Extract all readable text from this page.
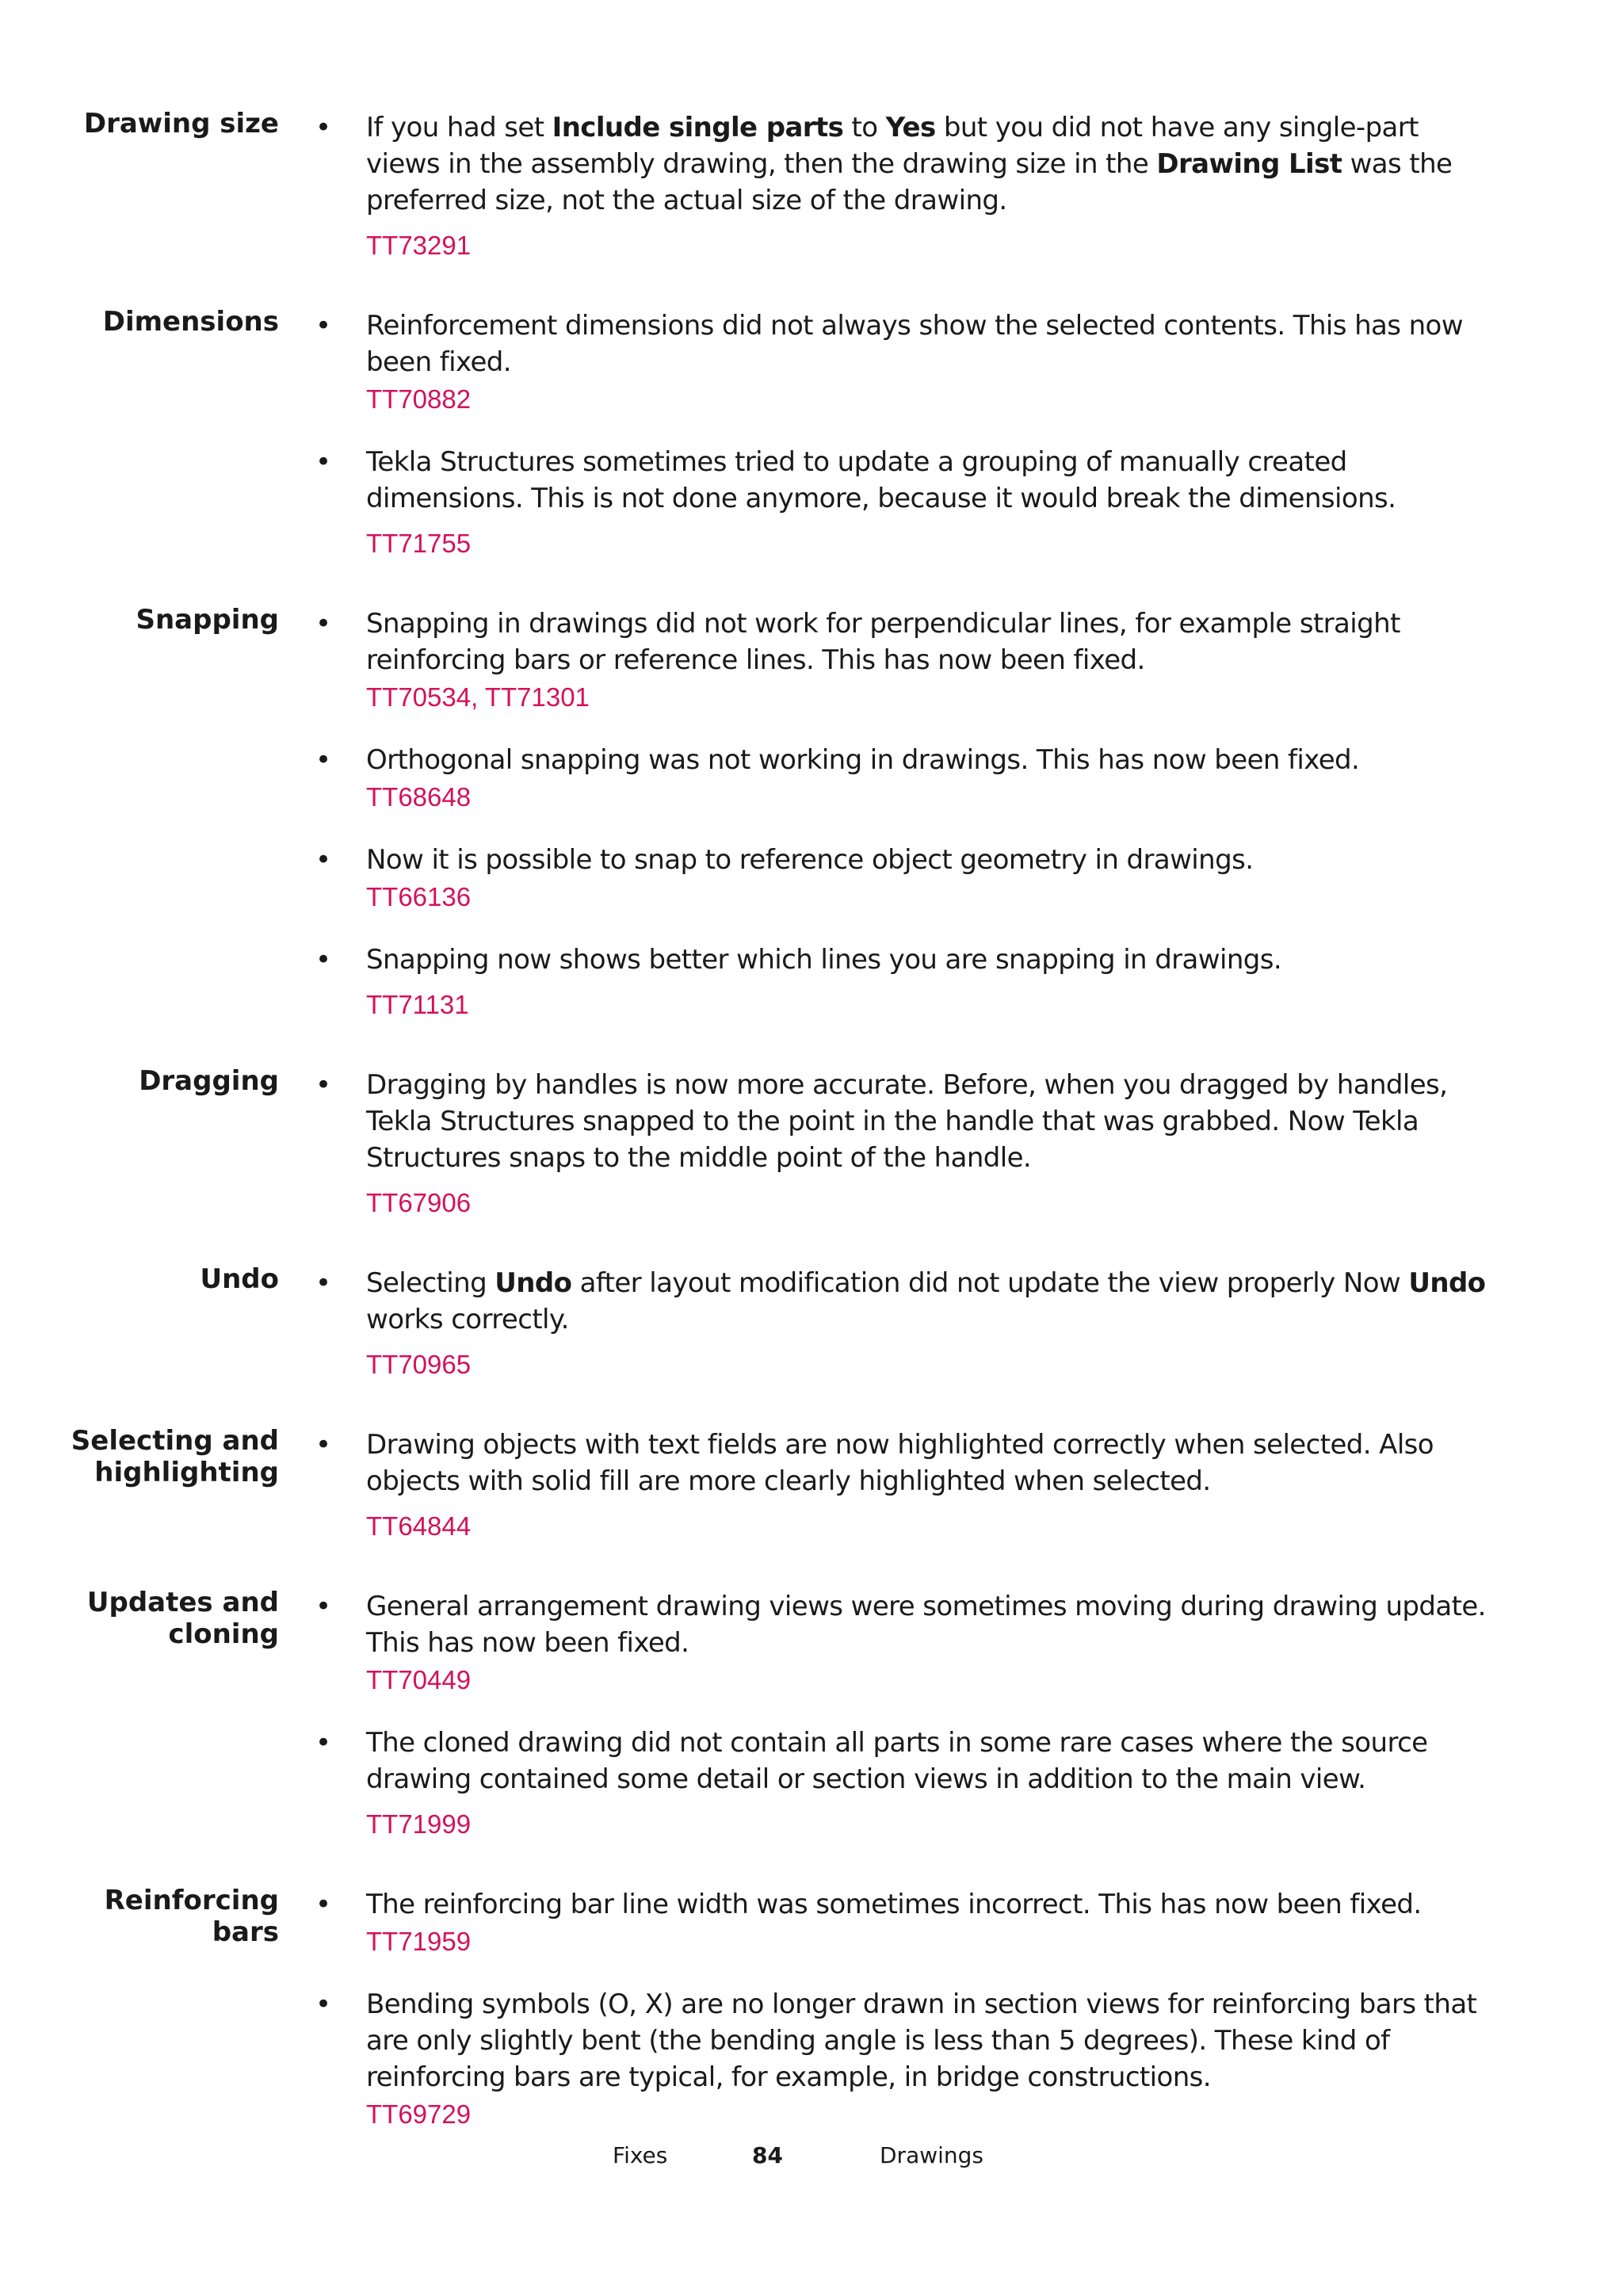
Drawing size • If you had set Include single parts to Yes but you did not have any single-part views in the assembly drawing, then the drawing size in the Drawing List was the preferred size, not the actual size of the drawing.
TT73291
Dimensions • Reinforcement dimensions did not always show the selected contents. This has now been fixed.
TT70882
• Tekla Structures sometimes tried to update a grouping of manually created dimensions. This is not done anymore, because it would break the dimensions.
TT71755
Snapping • Snapping in drawings did not work for perpendicular lines, for example straight reinforcing bars or reference lines. This has now been fixed.
TT70534, TT71301
• Orthogonal snapping was not working in drawings. This has now been fixed.
TT68648
• Now it is possible to snap to reference object geometry in drawings.
TT66136
• Snapping now shows better which lines you are snapping in drawings.
TT71131
Dragging • Dragging by handles is now more accurate. Before, when you dragged by handles, Tekla Structures snapped to the point in the handle that was grabbed. Now Tekla Structures snaps to the middle point of the handle.
TT67906
Undo • Selecting Undo after layout modification did not update the view properly Now Undo works correctly.
TT70965
Selecting and highlighting
• Drawing objects with text fields are now highlighted correctly when selected. Also objects with solid fill are more clearly highlighted when selected.
TT64844
Updates and cloning
• General arrangement drawing views were sometimes moving during drawing update. This has now been fixed.
TT70449
• The cloned drawing did not contain all parts in some rare cases where the source drawing contained some detail or section views in addition to the main view.
TT71999
Reinforcing bars
• The reinforcing bar line width was sometimes incorrect. This has now been fixed.
TT71959
• Bending symbols (O, X) are no longer drawn in section views for reinforcing bars that are only slightly bent (the bending angle is less than 5 degrees). These kind of reinforcing bars are typical, for example, in bridge constructions.
TT69729
Fixes	84	Drawings
